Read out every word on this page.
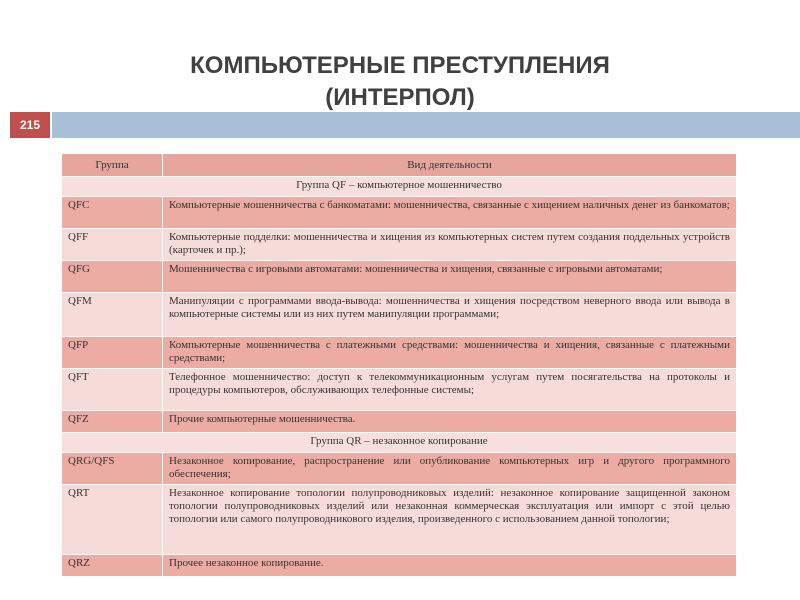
КОМПЬЮТЕРНЫЕ ПРЕСТУПЛЕНИЯ
(ИНТЕРПОЛ)
215
Группа	Вид деятельности
Группа QF – компьютерное мошенничество	
QFC	Компьютерные мошенничества с банкоматами: мошенничества, связанные с хищением наличных денег из банкоматов;
QFF	Компьютерные подделки: мошенничества и хищения из компьютерных систем путем создания поддельных устройств (карточек и пр.);
QFG	Мошенничества с игровыми автоматами: мошенничества и хищения, связанные с игровыми автоматами;
QFM	Манипуляции с программами ввода-вывода: мошенничества и хищения посредством неверного ввода или вывода в компьютерные системы или из них путем манипуляции программами;
QFP	Компьютерные мошенничества с платежными средствами: мошенничества и хищения, связанные с платежными средствами;
QFT	Телефонное мошенничество: доступ к телекоммуникационным услугам путем посягательства на протоколы и процедуры компьютеров, обслуживающих телефонные системы;
QFZ	Прочие компьютерные мошенничества.
Группа QR – незаконное копирование	
QRG/QFS	Незаконное копирование, распространение или опубликование компьютерных игр и другого программного обеспечения;
QRT	Незаконное копирование топологии полупроводниковых изделий: незаконное копирование защищенной законом топологии полупроводниковых изделий или незаконная коммерческая эксплуатация или импорт с этой целью топологии или самого полупроводникового изделия, произведенного с использованием данной топологии;
QRZ	Прочее незаконное копирование.
